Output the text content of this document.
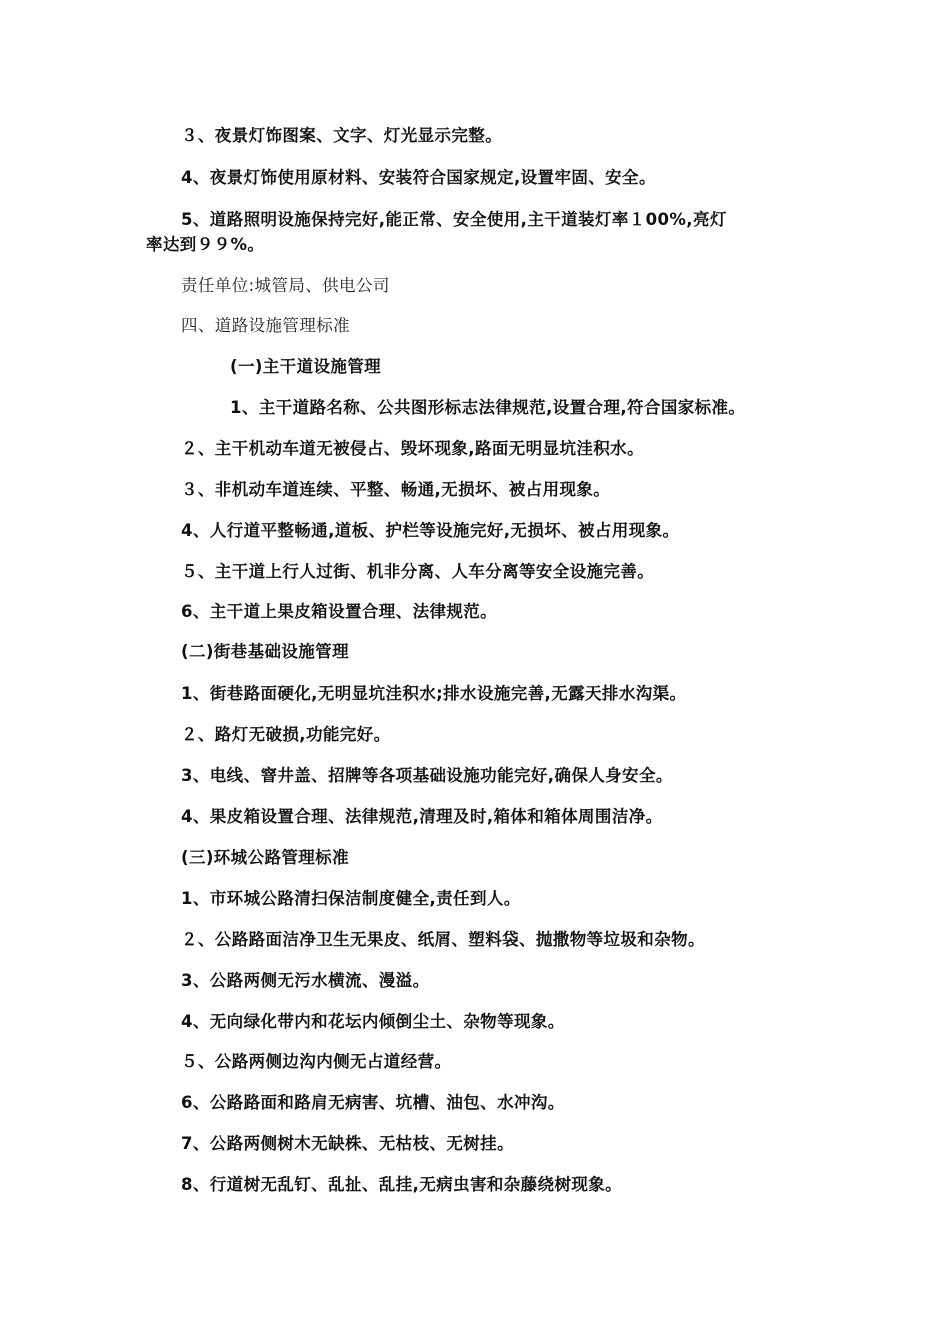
３、夜景灯饰图案、文字、灯光显示完整。
4、夜景灯饰使用原材料、安装符合国家规定,设置牢固、安全。
5、道路照明设施保持完好,能正常、安全使用,主干道装灯率１00%,亮灯
率达到９９%。
责任单位:城管局、供电公司
四、道路设施管理标准
(一)主干道设施管理
1、主干道路名称、公共图形标志法律规范,设置合理,符合国家标准。
２、主干机动车道无被侵占、毁坏现象,路面无明显坑洼积水。
３、非机动车道连续、平整、畅通,无损坏、被占用现象。
4、人行道平整畅通,道板、护栏等设施完好,无损坏、被占用现象。
５、主干道上行人过街、机非分离、人车分离等安全设施完善。
6、主干道上果皮箱设置合理、法律规范。
(二)街巷基础设施管理
1、街巷路面硬化,无明显坑洼积水;排水设施完善,无露天排水沟渠。
２、路灯无破损,功能完好。
3、电线、窨井盖、招牌等各项基础设施功能完好,确保人身安全。
4、果皮箱设置合理、法律规范,清理及时,箱体和箱体周围洁净。
(三)环城公路管理标准
1、市环城公路清扫保洁制度健全,责任到人。
２、公路路面洁净卫生无果皮、纸屑、塑料袋、抛撒物等垃圾和杂物。
3、公路两侧无污水横流、漫溢。
4、无向绿化带内和花坛内倾倒尘土、杂物等现象。
５、公路两侧边沟内侧无占道经营。
6、公路路面和路肩无病害、坑槽、油包、水冲沟。
7、公路两侧树木无缺株、无枯枝、无树挂。
8、行道树无乱钉、乱扯、乱挂,无病虫害和杂藤绕树现象。
